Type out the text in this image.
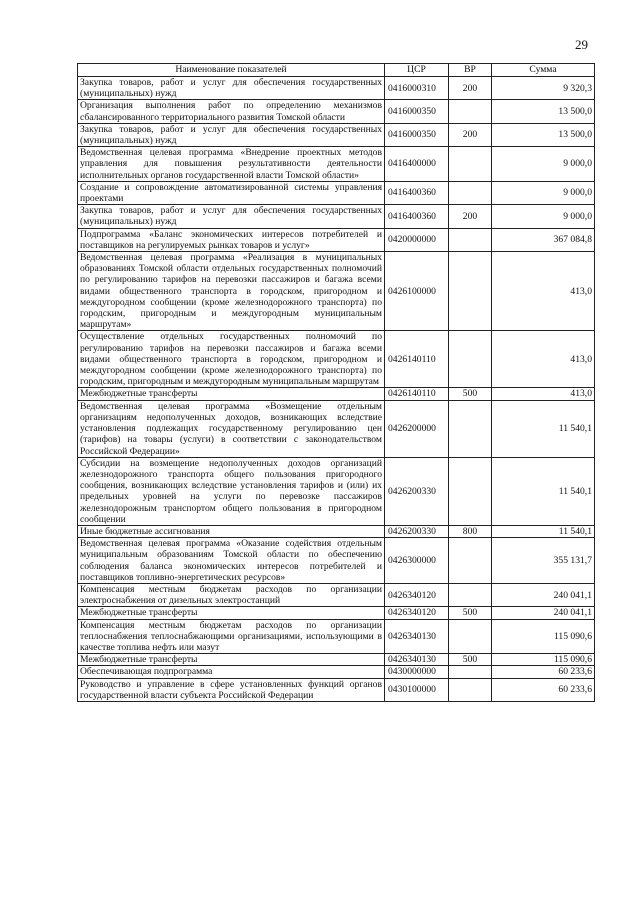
29
Наименование показателей	ЦСР	ВР	Сумма
Закупка товаров, работ и услуг для обеспечения государственных (муниципальных) нужд	0416000310	200	9 320,3
Организация выполнения работ по определению механизмов сбалансированного территориального развития Томской области	0416000350		13 500,0
Закупка товаров, работ и услуг для обеспечения государственных (муниципальных) нужд	0416000350	200	13 500,0
Ведомственная целевая программа «Внедрение проектных методов управления для повышения результативности деятельности исполнительных органов государственной власти Томской области»	0416400000		9 000,0
Создание и сопровождение автоматизированной системы управления проектами	0416400360		9 000,0
Закупка товаров, работ и услуг для обеспечения государственных (муниципальных) нужд	0416400360	200	9 000,0
Подпрограмма «Баланс экономических интересов потребителей и поставщиков на регулируемых рынках товаров и услуг»	0420000000		367 084,8
Ведомственная целевая программа «Реализация в муниципальных образованиях Томской области отдельных государственных полномочий по регулированию тарифов на перевозки пассажиров и багажа всеми видами общественного транспорта в городском, пригородном и междугородном сообщении (кроме железнодорожного транспорта) по городским, пригородным и междугородным муниципальным маршрутам»	0426100000		413,0
Осуществление отдельных государственных полномочий по регулированию тарифов на перевозки пассажиров и багажа всеми видами общественного транспорта в городском, пригородном и междугородном сообщении (кроме железнодорожного транспорта) по городским, пригородным и междугородным муниципальным маршрутам	0426140110		413,0
Межбюджетные трансферты	0426140110	500	413,0
Ведомственная целевая программа «Возмещение отдельным организациям недополученных доходов, возникающих вследствие установления подлежащих государственному регулированию цен (тарифов) на товары (услуги) в соответствии с законодательством Российской Федерации»	0426200000		11 540,1
Субсидии на возмещение недополученных доходов организаций железнодорожного транспорта общего пользования пригородного сообщения, возникающих вследствие установления тарифов и (или) их предельных уровней на услуги по перевозке пассажиров железнодорожным транспортом общего пользования в пригородном сообщении	0426200330		11 540,1
Иные бюджетные ассигнования	0426200330	800	11 540,1
Ведомственная целевая программа «Оказание содействия отдельным муниципальным образованиям Томской области по обеспечению соблюдения баланса экономических интересов потребителей и поставщиков топливно-энергетических ресурсов»	0426300000		355 131,7
Компенсация местным бюджетам расходов по организации электроснабжения от дизельных электростанций	0426340120		240 041,1
Межбюджетные трансферты	0426340120	500	240 041,1
Компенсация местным бюджетам расходов по организации теплоснабжения теплоснабжающими организациями, использующими в качестве топлива нефть или мазут	0426340130		115 090,6
Межбюджетные трансферты	0426340130	500	115 090,6
Обеспечивающая подпрограмма	0430000000		60 233,6
Руководство и управление в сфере установленных функций органов государственной власти субъекта Российской Федерации	0430100000		60 233,6
